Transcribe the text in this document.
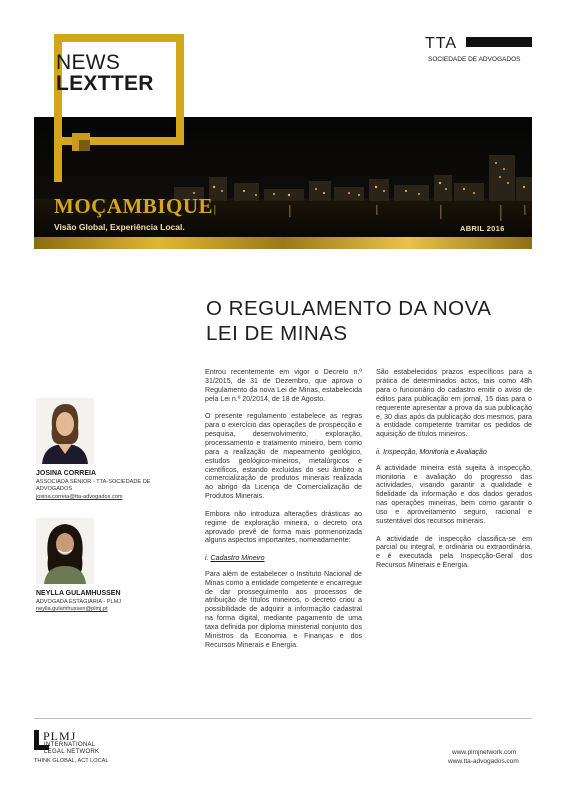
NEWS
LEXTTER
TTA
SOCIEDADE DE ADVOGADOS
MOÇAMBIQUE
Visão Global, Experiência Local.	ABRIL 2016
O REGULAMENTO DA NOVA
LEI DE MINAS
JOSINA CORREIA
ASSOCIADA SÉNIOR - TTA-SOCIEDADE DE
ADVOGADOS
josina.correia@tta-advogados.com
NEYLLA GULAMHUSSEN
ADVOGADA ESTAGIÁRIA - PLMJ
neylla.gulamhussen@plmj.pt

Entrou recentemente em vigor o Decreto n.º 31/2015, de 31 de Dezembro, que aprova o Regulamento da nova Lei de Minas, estabelecida pela Lei n.º 20/2014, de 18 de Agosto.

O presente regulamento estabelece as regras para o exercício das operações de prospecção e pesquisa, desenvolvimento, exploração, processamento e tratamento mineiro, bem como para a realização de mapeamento geológico, estudos geológico-mineiros, metalúrgicos e científicos, estando excluídas do seu âmbito a comercialização de produtos minerais realizada ao abrigo da Licença de Comercialização de Produtos Minerais.

Embora não introduza alterações drásticas ao regime de exploração mineira, o decreto ora aprovado prevê de forma mais pormenorizada alguns aspectos importantes, nomeadamente:

i. Cadastro Mineiro

Para além de estabelecer o Instituto Nacional de Minas como a entidade competente e encarregue de dar prosseguimento aos processos de atribuição de títulos mineiros, o decreto criou a possibilidade de adquirir a informação cadastral na forma digital, mediante pagamento de uma taxa definida por diploma ministerial conjunto dos Ministros da Economia e Finanças e dos Recursos Minerais e Energia.

São estabelecidos prazos específicos para a prática de determinados actos, tais como 48h para o funcionário do cadastro emitir o aviso de éditos para publicação em jornal, 15 dias para o requerente apresentar a prova da sua publicação e, 30 dias após da publicação dos mesmos, para a entidade competente tramitar os pedidos de aquisição de títulos mineiros.

ii. Inspecção, Monitoria e Avaliação

A actividade mineira está sujeita à inspecção, monitoria e avaliação do progresso das actividades, visando garantir a qualidade e fidelidade da informação e dos dados gerados nas operações mineiras, bem como garantir o uso e aproveitamento seguro, racional e sustentável dos recursos minerais.

A actividade de inspecção classifica-se em parcial ou integral, e ordinária ou extraordinária, e é executada pela Inspecção-Geral dos Recursos Minerais e Energia.

PLMJ
INTERNATIONAL
LEGAL NETWORK
THINK GLOBAL, ACT LOCAL
www.plmjnetwork.com
www.tta-advogados.com
